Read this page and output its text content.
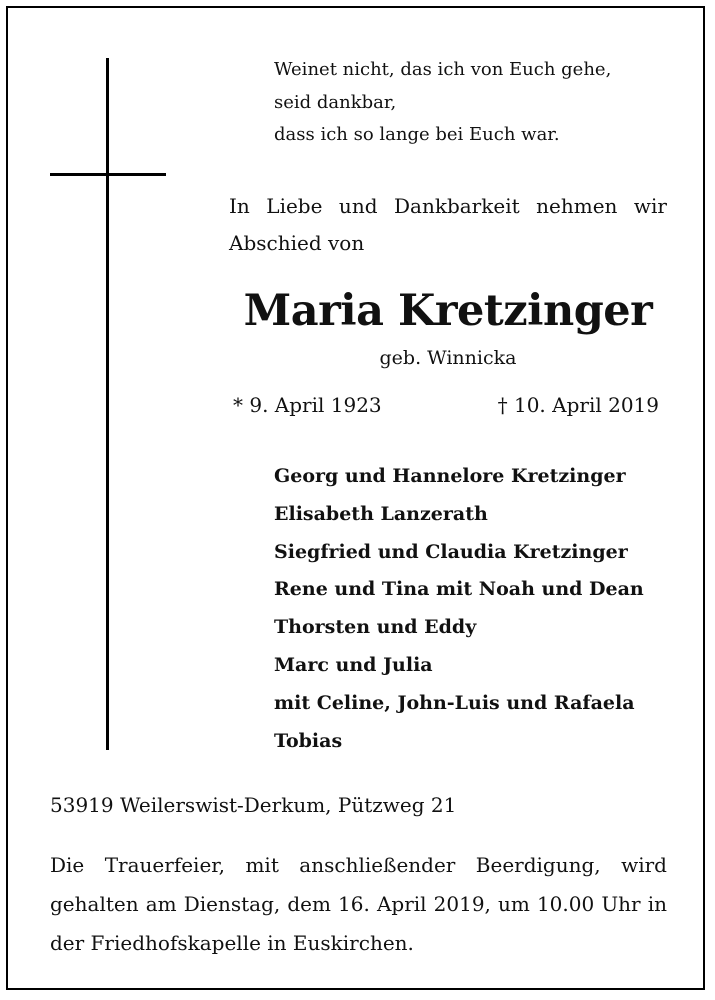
Weinet nicht, das ich von Euch gehe,
seid dankbar,
dass ich so lange bei Euch war.
In Liebe und Dankbarkeit nehmen wir Abschied von
Maria Kretzinger
geb. Winnicka
* 9. April 1923	† 10. April 2019
Georg und Hannelore Kretzinger
Elisabeth Lanzerath
Siegfried und Claudia Kretzinger
Rene und Tina mit Noah und Dean
Thorsten und Eddy
Marc und Julia
mit Celine, John-Luis und Rafaela
Tobias
53919 Weilerswist-Derkum, Pützweg 21
Die Trauerfeier, mit anschließender Beerdigung, wird gehalten am Dienstag, dem 16. April 2019, um 10.00 Uhr in der Friedhofskapelle in Euskirchen.
